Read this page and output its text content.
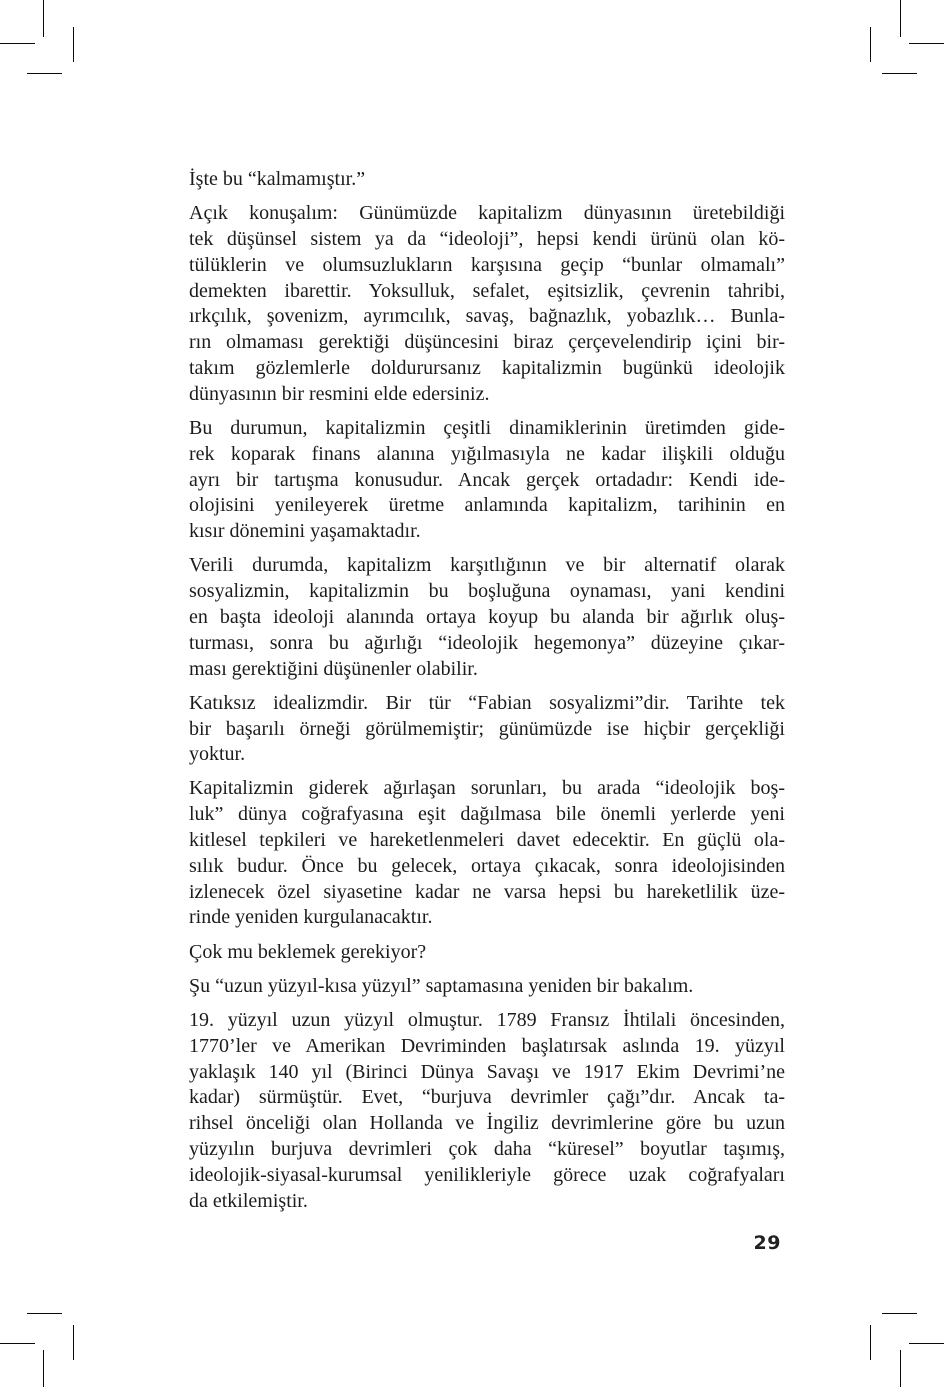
İşte bu “kalmamıştır.”

Açık konuşalım: Günümüzde kapitalizm dünyasının üretebildiği
tek düşünsel sistem ya da “ideoloji”, hepsi kendi ürünü olan kö-
tülüklerin ve olumsuzlukların karşısına geçip “bunlar olmamalı”
demekten ibarettir. Yoksulluk, sefalet, eşitsizlik, çevrenin tahribi,
ırkçılık, şovenizm, ayrımcılık, savaş, bağnazlık, yobazlık… Bunla-
rın olmaması gerektiği düşüncesini biraz çerçevelendirip içini bir-
takım gözlemlerle doldurursanız kapitalizmin bugünkü ideolojik
dünyasının bir resmini elde edersiniz.

Bu durumun, kapitalizmin çeşitli dinamiklerinin üretimden gide-
rek koparak finans alanına yığılmasıyla ne kadar ilişkili olduğu
ayrı bir tartışma konusudur. Ancak gerçek ortadadır: Kendi ide-
olojisini yenileyerek üretme anlamında kapitalizm, tarihinin en
kısır dönemini yaşamaktadır.

Verili durumda, kapitalizm karşıtlığının ve bir alternatif olarak
sosyalizmin, kapitalizmin bu boşluğuna oynaması, yani kendini
en başta ideoloji alanında ortaya koyup bu alanda bir ağırlık oluş-
turması, sonra bu ağırlığı “ideolojik hegemonya” düzeyine çıkar-
ması gerektiğini düşünenler olabilir.

Katıksız idealizmdir. Bir tür “Fabian sosyalizmi”dir. Tarihte tek
bir başarılı örneği görülmemiştir; günümüzde ise hiçbir gerçekliği
yoktur.

Kapitalizmin giderek ağırlaşan sorunları, bu arada “ideolojik boş-
luk” dünya coğrafyasına eşit dağılmasa bile önemli yerlerde yeni
kitlesel tepkileri ve hareketlenmeleri davet edecektir. En güçlü ola-
sılık budur. Önce bu gelecek, ortaya çıkacak, sonra ideolojisinden
izlenecek özel siyasetine kadar ne varsa hepsi bu hareketlilik üze-
rinde yeniden kurgulanacaktır.

Çok mu beklemek gerekiyor?

Şu “uzun yüzyıl-kısa yüzyıl” saptamasına yeniden bir bakalım.

19. yüzyıl uzun yüzyıl olmuştur. 1789 Fransız İhtilali öncesinden,
1770’ler ve Amerikan Devriminden başlatırsak aslında 19. yüzyıl
yaklaşık 140 yıl (Birinci Dünya Savaşı ve 1917 Ekim Devrimi’ne
kadar) sürmüştür. Evet, “burjuva devrimler çağı”dır. Ancak ta-
rihsel önceliği olan Hollanda ve İngiliz devrimlerine göre bu uzun
yüzyılın burjuva devrimleri çok daha “küresel” boyutlar taşımış,
ideolojik-siyasal-kurumsal yenilikleriyle görece uzak coğrafyaları
da etkilemiştir.

29
